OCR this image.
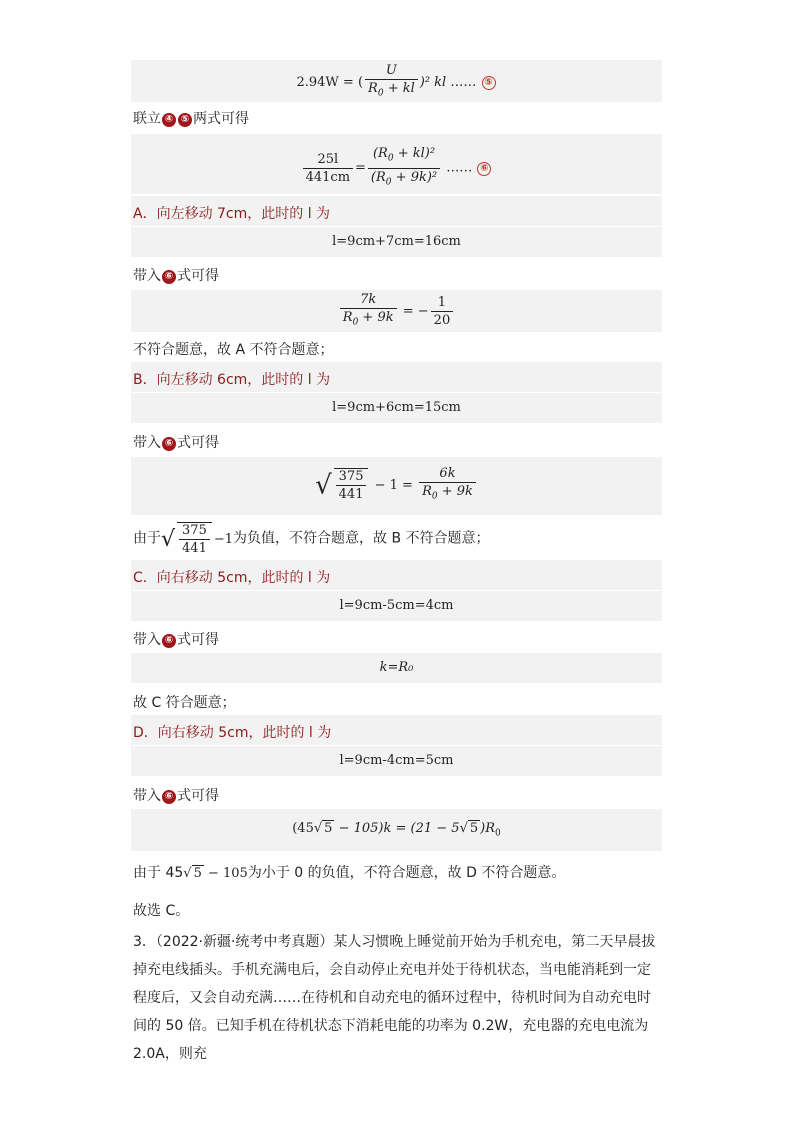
2.94W = ( $\frac{U}{R_0 + kl} )^2$ kl …… ⑤
联立 ④ ⑤ 两式可得
$\frac{25l}{441cm} = \frac{(R_0 + kl)^2}{(R_0 + 9k)^2}$ …… ⑥
A．向左移动 7cm，此时的 l 为
l=9cm+7cm=16cm
带入 ⑥ 式可得
$\frac{7k}{R_0 + 9k}$ = − $\frac{1}{20}$
不符合题意，故 A 不符合题意；
B．向左移动 6cm，此时的 l 为
l=9cm+6cm=15cm
带入 ⑥ 式可得
√ $\frac{375}{441} - 1 = \frac{6k}{R_0 + 9k}$
由于√ $\frac{375}{441} -1$为负值，不符合题意，故 B 不符合题意；
C．向右移动 5cm，此时的 l 为
l=9cm-5cm=4cm
带入 ⑥ 式可得
k=R₀
故 C 符合题意；
D．向右移动 5cm，此时的 l 为
l=9cm-4cm=5cm
带入 ⑥ 式可得
(45√ 5 − 105)k = (21 − 5√ 5 )$R_0$
由于 45√ 5 − 105为小于 0 的负值，不符合题意，故 D 不符合题意。
故选 C。
3．（2022·新疆·统考中考真题）某人习惯晚上睡觉前开始为手机充电，第二天早晨拔掉充电线插头。手机充满电后，会自动停止充电并处于待机状态，当电能消耗到一定程度后，又会自动充满……在待机和自动充电的循环过程中，待机时间为自动充电时间的 50 倍。已知手机在待机状态下消耗电能的功率为 0.2W，充电器的充电电流为 2.0A，则充
